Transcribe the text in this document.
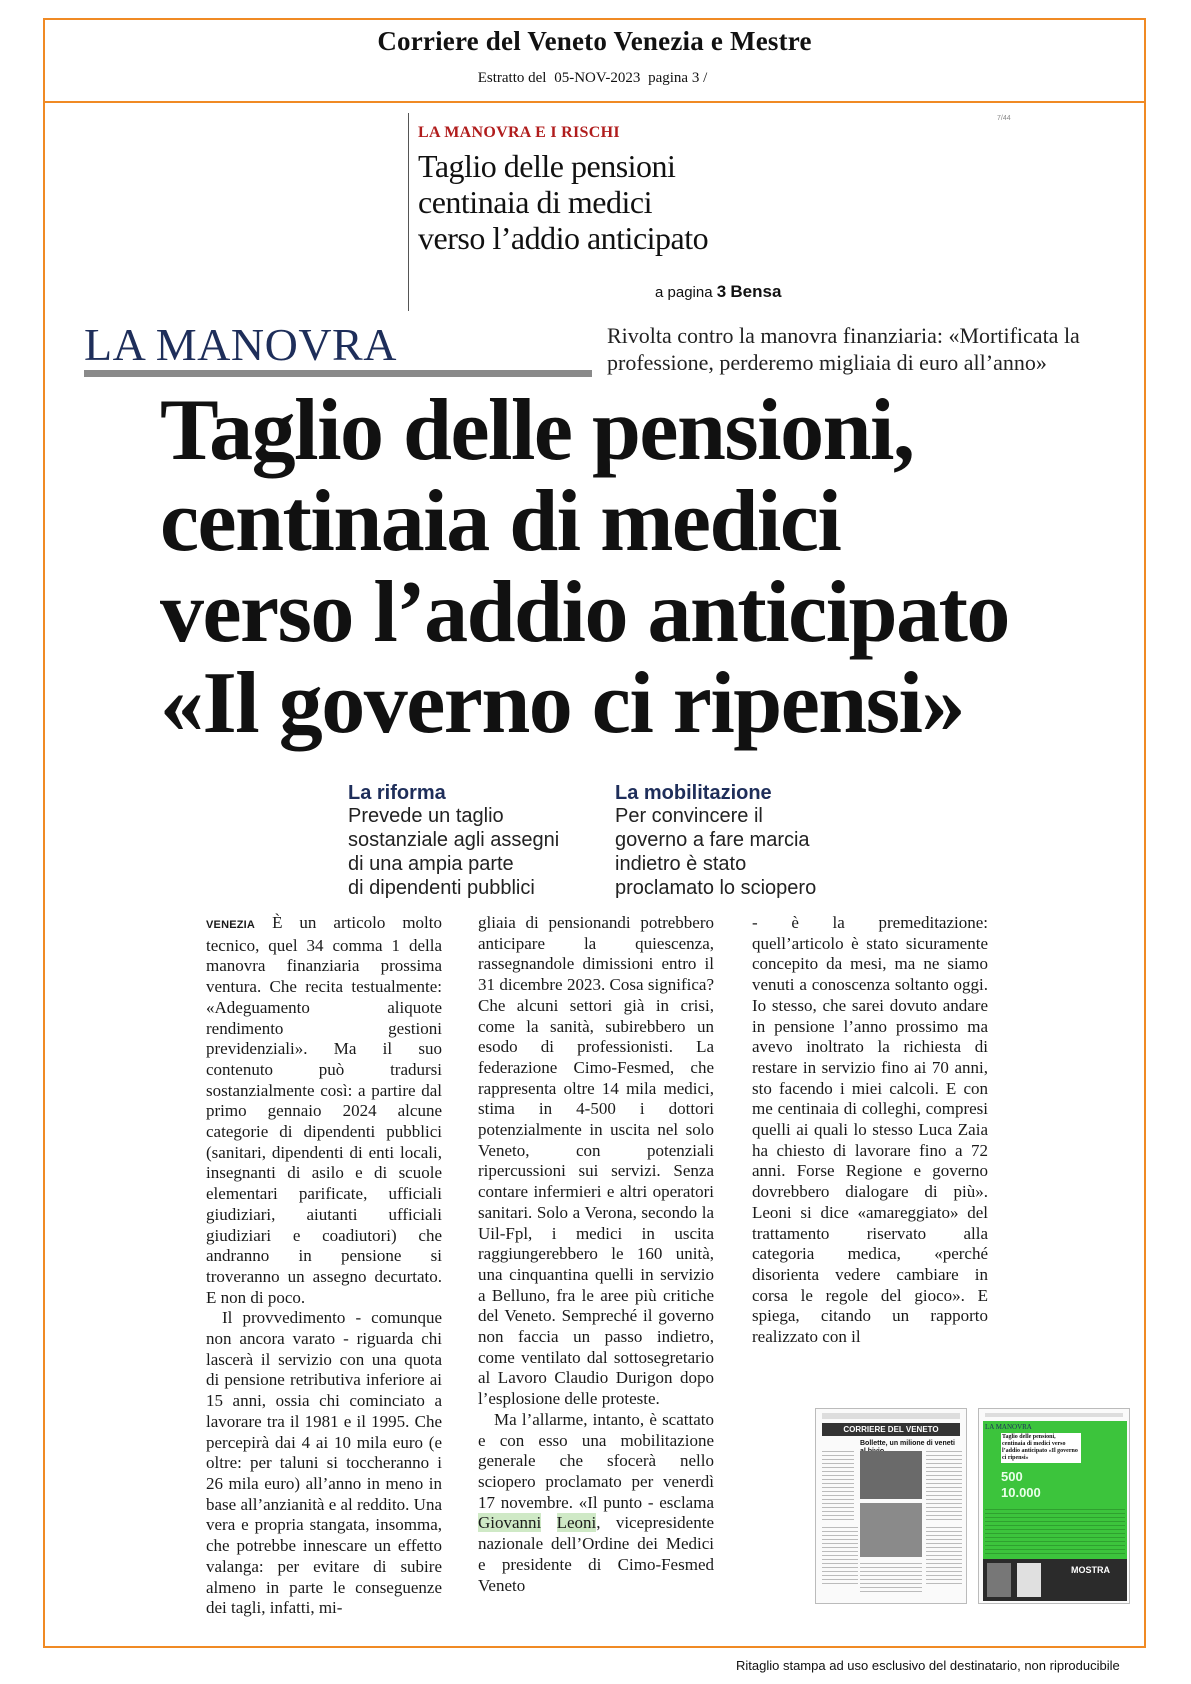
Corriere del Veneto Venezia e Mestre
Estratto del 05-NOV-2023 pagina 3 /
7/44
LA MANOVRA E I RISCHI
Taglio delle pensioni
centinaia di medici
verso l’addio anticipato
a pagina 3 Bensa
LA MANOVRA	Rivolta contro la manovra finanziaria: «Mortificata la professione, perderemo migliaia di euro all’anno»
Taglio delle pensioni,
centinaia di medici
verso l’addio anticipato
«Il governo ci ripensi»
La riforma
Prevede un taglio
sostanziale agli assegni
di una ampia parte
di dipendenti pubblici
La mobilitazione
Per convincere il
governo a fare marcia
indietro è stato
proclamato lo sciopero

VENEZIA È un articolo molto tecnico, quel 34 comma 1 della manovra finanziaria prossima ventura. Che recita testualmente: «Adeguamento aliquote rendimento gestioni previdenziali». Ma il suo contenuto può tradursi sostanzialmente così: a partire dal primo gennaio 2024 alcune categorie di dipendenti pubblici (sanitari, dipendenti di enti locali, insegnanti di asilo e di scuole elementari parificate, ufficiali giudiziari, aiutanti ufficiali giudiziari e coadiutori) che andranno in pensione si troveranno un assegno decurtato. E non di poco.

Il provvedimento - comunque non ancora varato - riguarda chi lascerà il servizio con una quota di pensione retributiva inferiore ai 15 anni, ossia chi cominciato a lavorare tra il 1981 e il 1995. Che percepirà dai 4 ai 10 mila euro (e oltre: per taluni si toccheranno i 26 mila euro) all’anno in meno in base all’anzianità e al reddito. Una vera e propria stangata, insomma, che potrebbe innescare un effetto valanga: per evitare di subire almeno in parte le conseguenze dei tagli, infatti, mi-

gliaia di pensionandi potrebbero anticipare la quiescenza, rassegnandole dimissioni entro il 31 dicembre 2023. Cosa significa? Che alcuni settori già in crisi, come la sanità, subirebbero un esodo di professionisti. La federazione Cimo-Fesmed, che rappresenta oltre 14 mila medici, stima in 4-500 i dottori potenzialmente in uscita nel solo Veneto, con potenziali ripercussioni sui servizi. Senza contare infermieri e altri operatori sanitari. Solo a Verona, secondo la Uil-Fpl, i medici in uscita raggiungerebbero le 160 unità, una cinquantina quelli in servizio a Belluno, fra le aree più critiche del Veneto. Sempreché il governo non faccia un passo indietro, come ventilato dal sottosegretario al Lavoro Claudio Durigon dopo l’esplosione delle proteste.

Ma l’allarme, intanto, è scattato e con esso una mobilitazione generale che sfocerà nello sciopero proclamato per venerdì 17 novembre. «Il punto - esclama Giovanni Leoni, vicepresidente nazionale dell’Ordine dei Medici e presidente di Cimo-Fesmed Veneto

- è la premeditazione: quell’articolo è stato sicuramente concepito da mesi, ma ne siamo venuti a conoscenza soltanto oggi. Io stesso, che sarei dovuto andare in pensione l’anno prossimo ma avevo inoltrato la richiesta di restare in servizio fino ai 70 anni, sto facendo i miei calcoli. E con me centinaia di colleghi, compresi quelli ai quali lo stesso Luca Zaia ha chiesto di lavorare fino a 72 anni. Forse Regione e governo dovrebbero dialogare di più». Leoni si dice «amareggiato» del trattamento riservato alla categoria medica, «perché disorienta vedere cambiare in corsa le regole del gioco». E spiega, citando un rapporto realizzato con il

CORRIERE DEL VENETO
Bollette, un milione di veneti
LA MANOVRA
Taglio delle pensioni, centinaia di medici verso l’addio anticipato «Il governo ci ripensi»
500
10.000
MOSTRA
Ritaglio stampa ad uso esclusivo del destinatario, non riproducibile
